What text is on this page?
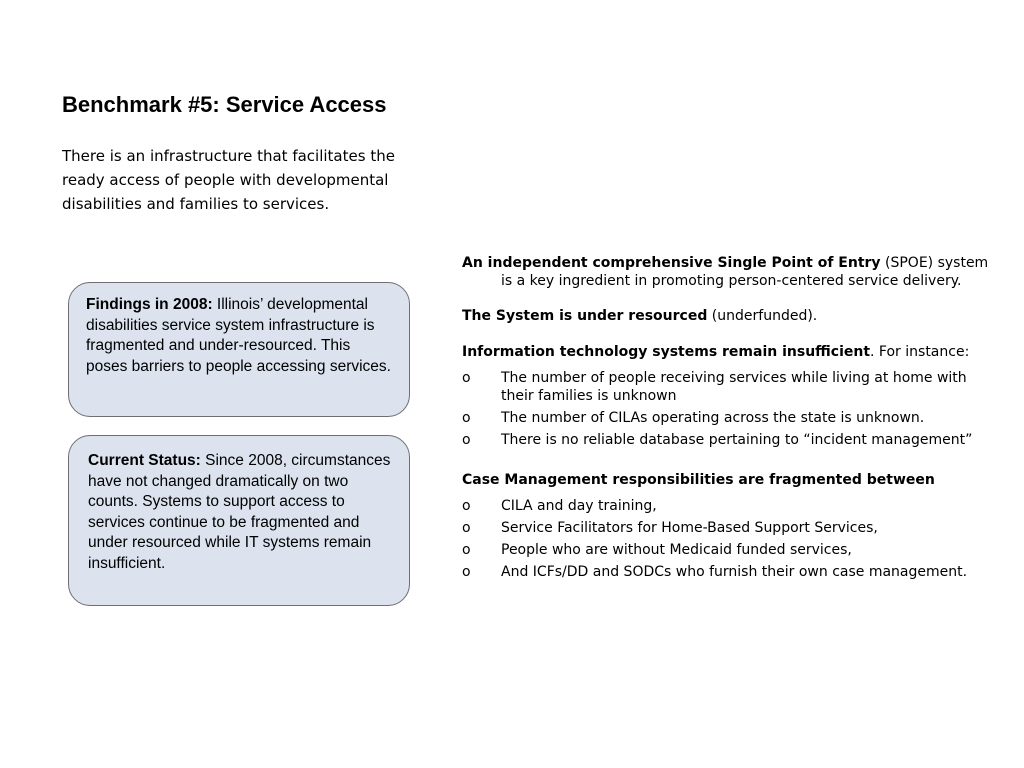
Benchmark #5: Service Access
There is an infrastructure that facilitates the ready access of people with developmental disabilities and families to services.
Findings in 2008: Illinois’ developmental disabilities service system infrastructure is fragmented and under-resourced. This poses barriers to people accessing services.
Current Status: Since 2008, circumstances have not changed dramatically on two counts. Systems to support access to services continue to be fragmented and under resourced while IT systems remain insufficient.

An independent comprehensive Single Point of Entry (SPOE) system is a key ingredient in promoting person-centered service delivery.

The System is under resourced (underfunded).

Information technology systems remain insufficient. For instance:

o	The number of people receiving services while living at home with their families is unknown
o	The number of CILAs operating across the state is unknown.
o	There is no reliable database pertaining to “incident management”

Case Management responsibilities are fragmented between

o	CILA and day training,
o	Service Facilitators for Home-Based Support Services,
o	People who are without Medicaid funded services,
o	And ICFs/DD and SODCs who furnish their own case management.
